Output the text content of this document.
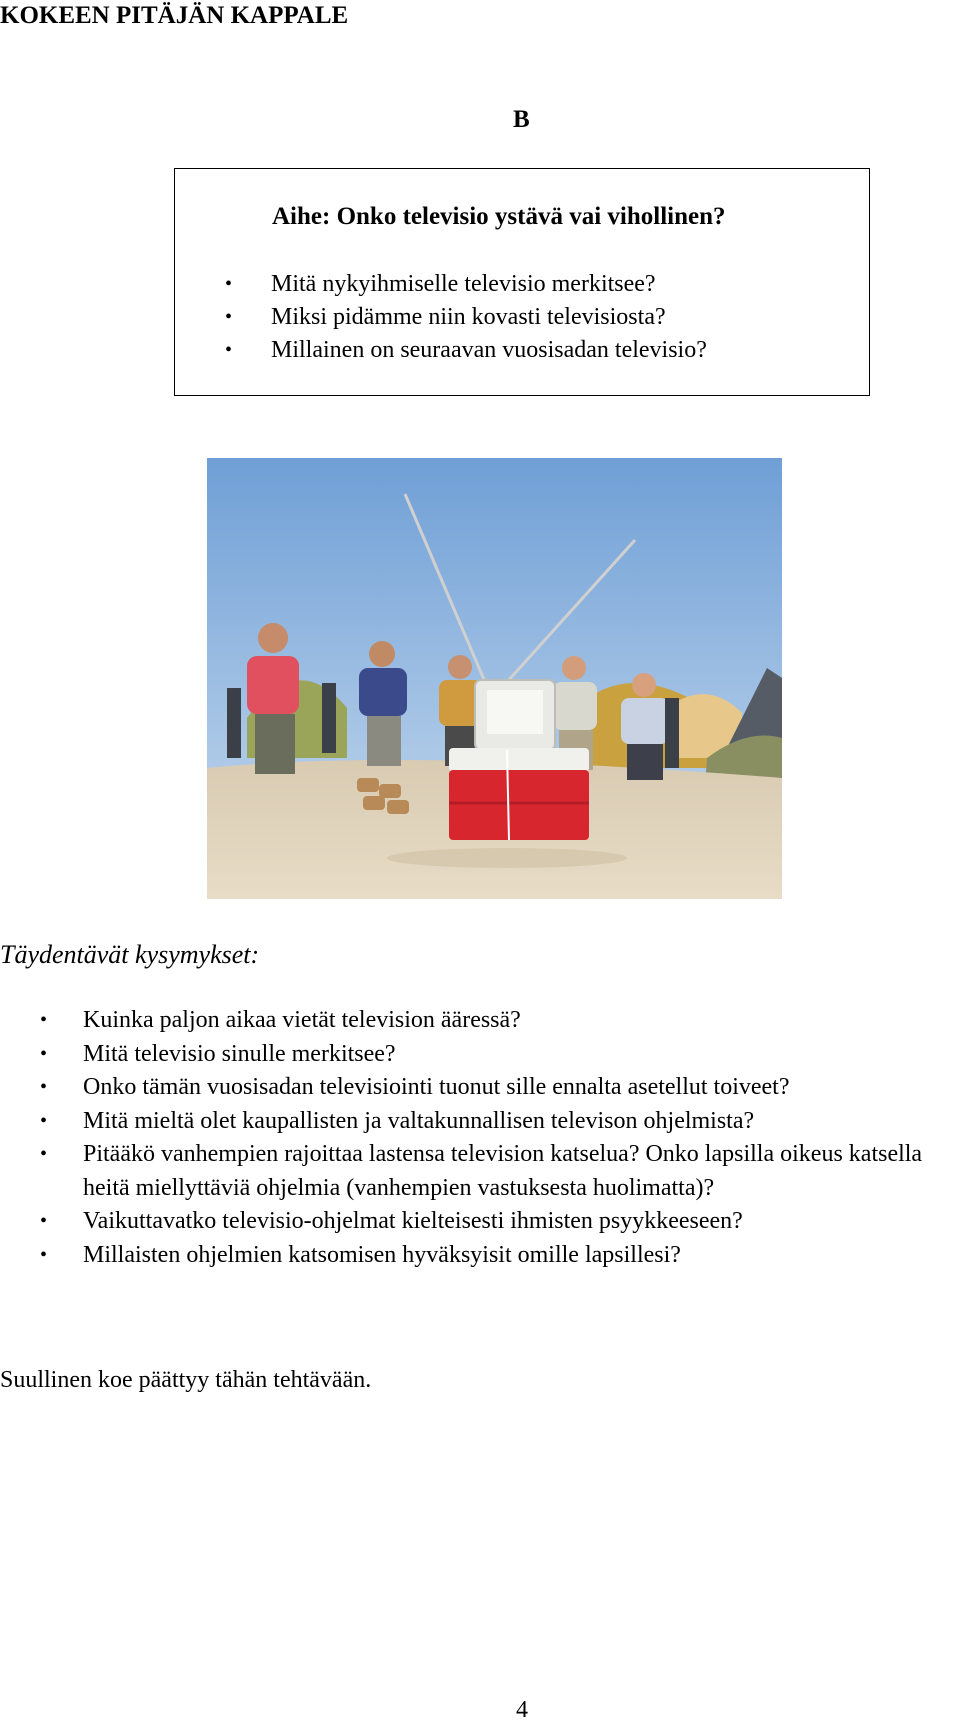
KOKEEN PITÄJÄN KAPPALE
B
Aihe: Onko televisio ystävä vai vihollinen?
•	Mitä nykyihmiselle televisio merkitsee?
•	Miksi pidämme niin kovasti televisiosta?
•	Millainen on seuraavan vuosisadan televisio?
Täydentävät kysymykset:
•	Kuinka paljon aikaa vietät television ääressä?
•	Mitä televisio sinulle merkitsee?
•	Onko tämän vuosisadan televisiointi tuonut sille ennalta asetellut toiveet?
•	Mitä mieltä olet kaupallisten ja valtakunnallisen televison ohjelmista?
•	Pitääkö vanhempien rajoittaa lastensa television katselua? Onko lapsilla oikeus katsella heitä miellyttäviä ohjelmia (vanhempien vastuksesta huolimatta)?
•	Vaikuttavatko televisio-ohjelmat kielteisesti ihmisten psyykkeeseen?
•	Millaisten ohjelmien katsomisen hyväksyisit omille lapsillesi?
Suullinen koe päättyy tähän tehtävään.
4
